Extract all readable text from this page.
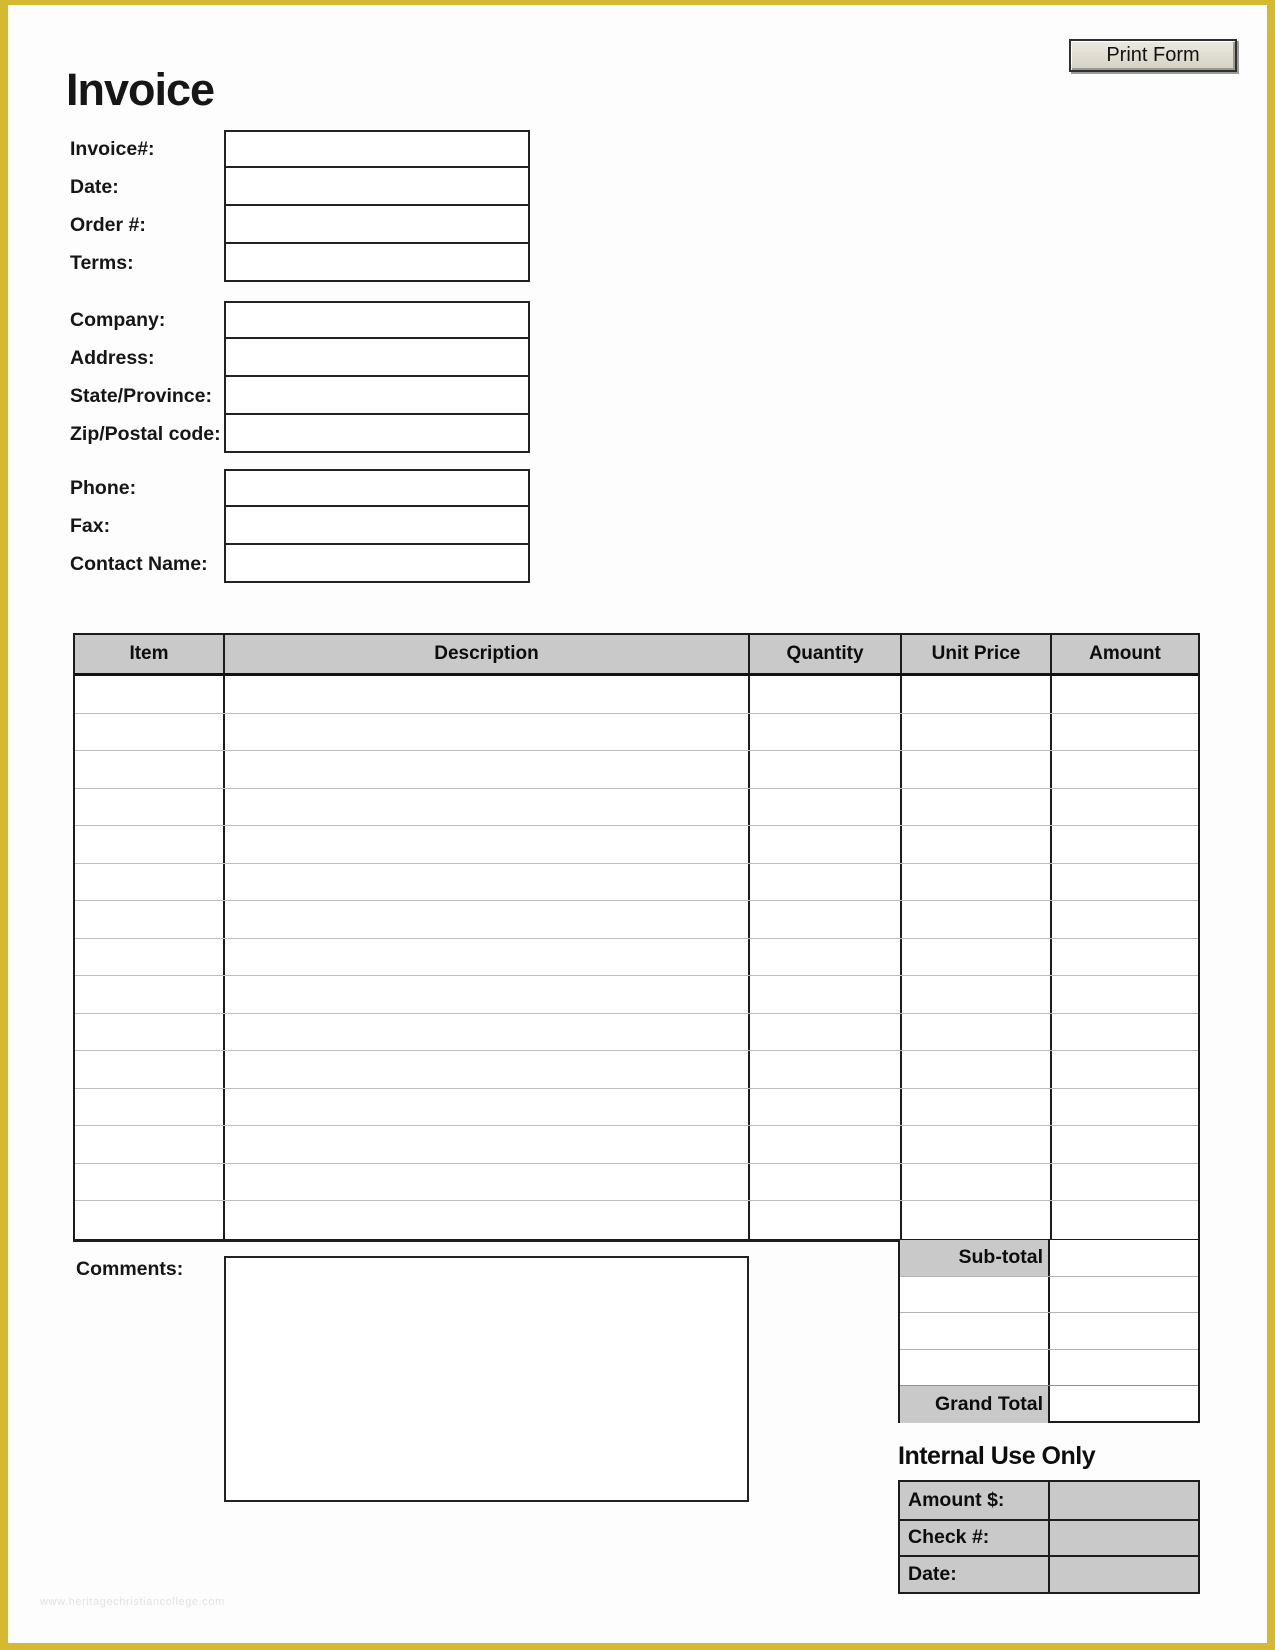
Print Form
Invoice
Invoice#:
Date:
Order #:
Terms:
Company:
Address:
State/Province:
Zip/Postal code:
Phone:
Fax:
Contact Name:
Item	Description	Quantity	Unit Price	Amount
Sub-total
Grand Total
Comments:
Internal Use Only
Amount $:
Check #:
Date:
www.heritagechristiancollege.com
